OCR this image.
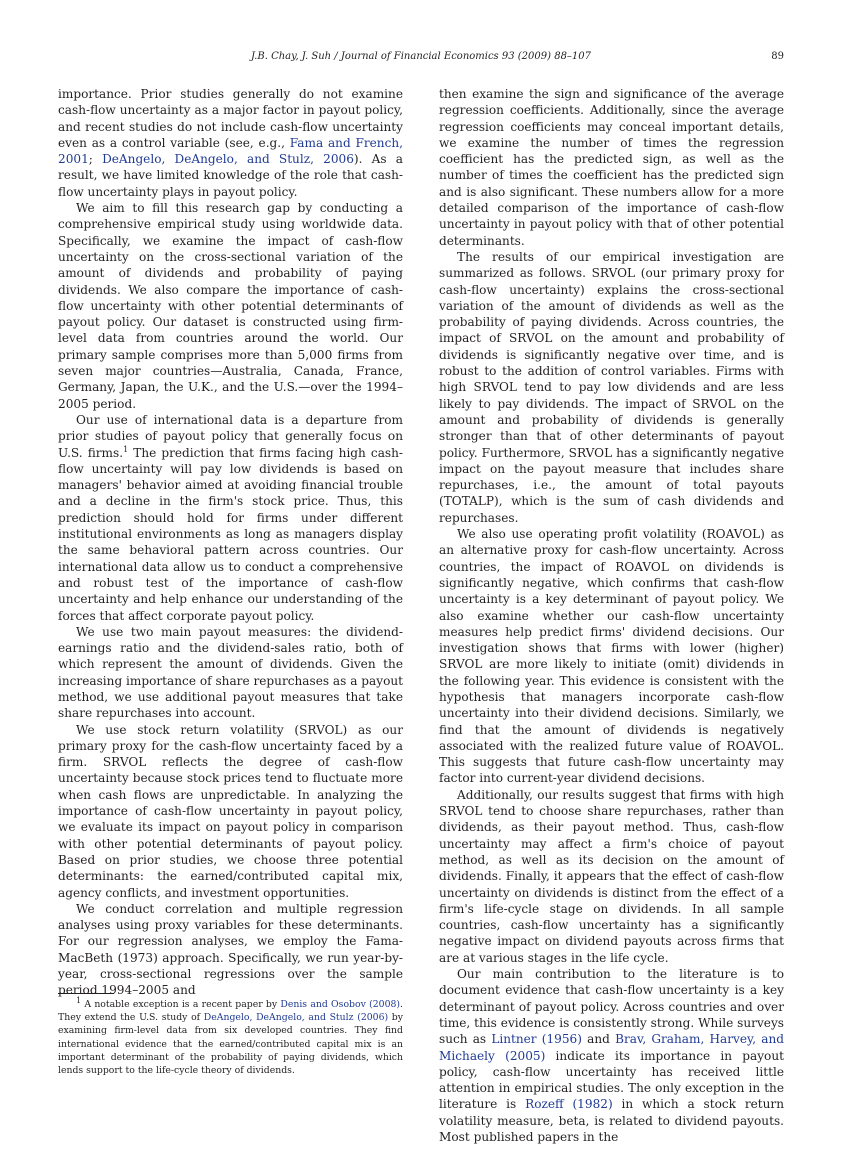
J.B. Chay, J. Suh / Journal of Financial Economics 93 (2009) 88–107	89

importance. Prior studies generally do not examine cash-flow uncertainty as a major factor in payout policy, and recent studies do not include cash-flow uncertainty even as a control variable (see, e.g., Fama and French, 2001; DeAngelo, DeAngelo, and Stulz, 2006). As a result, we have limited knowledge of the role that cash-flow uncertainty plays in payout policy.

We aim to fill this research gap by conducting a comprehensive empirical study using worldwide data. Specifically, we examine the impact of cash-flow uncertainty on the cross-sectional variation of the amount of dividends and probability of paying dividends. We also compare the importance of cash-flow uncertainty with other potential determinants of payout policy. Our dataset is constructed using firm-level data from countries around the world. Our primary sample comprises more than 5,000 firms from seven major countries—Australia, Canada, France, Germany, Japan, the U.K., and the U.S.—over the 1994–2005 period.

Our use of international data is a departure from prior studies of payout policy that generally focus on U.S. firms.$^1$ The prediction that firms facing high cash-flow uncertainty will pay low dividends is based on managers' behavior aimed at avoiding financial trouble and a decline in the firm's stock price. Thus, this prediction should hold for firms under different institutional environments as long as managers display the same behavioral pattern across countries. Our international data allow us to conduct a comprehensive and robust test of the importance of cash-flow uncertainty and help enhance our understanding of the forces that affect corporate payout policy.

We use two main payout measures: the dividend-earnings ratio and the dividend-sales ratio, both of which represent the amount of dividends. Given the increasing importance of share repurchases as a payout method, we use additional payout measures that take share repurchases into account.

We use stock return volatility (SRVOL) as our primary proxy for the cash-flow uncertainty faced by a firm. SRVOL reflects the degree of cash-flow uncertainty because stock prices tend to fluctuate more when cash flows are unpredictable. In analyzing the importance of cash-flow uncertainty in payout policy, we evaluate its impact on payout policy in comparison with other potential determinants of payout policy. Based on prior studies, we choose three potential determinants: the earned/contributed capital mix, agency conflicts, and investment opportunities.

We conduct correlation and multiple regression analyses using proxy variables for these determinants. For our regression analyses, we employ the Fama-MacBeth (1973) approach. Specifically, we run year-by-year, cross-sectional regressions over the sample period 1994–2005 and

$^1$ A notable exception is a recent paper by Denis and Osobov (2008). They extend the U.S. study of DeAngelo, DeAngelo, and Stulz (2006) by examining firm-level data from six developed countries. They find international evidence that the earned/contributed capital mix is an important determinant of the probability of paying dividends, which lends support to the life-cycle theory of dividends.

then examine the sign and significance of the average regression coefficients. Additionally, since the average regression coefficients may conceal important details, we examine the number of times the regression coefficient has the predicted sign, as well as the number of times the coefficient has the predicted sign and is also significant. These numbers allow for a more detailed comparison of the importance of cash-flow uncertainty in payout policy with that of other potential determinants.

The results of our empirical investigation are summarized as follows. SRVOL (our primary proxy for cash-flow uncertainty) explains the cross-sectional variation of the amount of dividends as well as the probability of paying dividends. Across countries, the impact of SRVOL on the amount and probability of dividends is significantly negative over time, and is robust to the addition of control variables. Firms with high SRVOL tend to pay low dividends and are less likely to pay dividends. The impact of SRVOL on the amount and probability of dividends is generally stronger than that of other determinants of payout policy. Furthermore, SRVOL has a significantly negative impact on the payout measure that includes share repurchases, i.e., the amount of total payouts (TOTALP), which is the sum of cash dividends and repurchases.

We also use operating profit volatility (ROAVOL) as an alternative proxy for cash-flow uncertainty. Across countries, the impact of ROAVOL on dividends is significantly negative, which confirms that cash-flow uncertainty is a key determinant of payout policy. We also examine whether our cash-flow uncertainty measures help predict firms' dividend decisions. Our investigation shows that firms with lower (higher) SRVOL are more likely to initiate (omit) dividends in the following year. This evidence is consistent with the hypothesis that managers incorporate cash-flow uncertainty into their dividend decisions. Similarly, we find that the amount of dividends is negatively associated with the realized future value of ROAVOL. This suggests that future cash-flow uncertainty may factor into current-year dividend decisions.

Additionally, our results suggest that firms with high SRVOL tend to choose share repurchases, rather than dividends, as their payout method. Thus, cash-flow uncertainty may affect a firm's choice of payout method, as well as its decision on the amount of dividends. Finally, it appears that the effect of cash-flow uncertainty on dividends is distinct from the effect of a firm's life-cycle stage on dividends. In all sample countries, cash-flow uncertainty has a significantly negative impact on dividend payouts across firms that are at various stages in the life cycle.

Our main contribution to the literature is to document evidence that cash-flow uncertainty is a key determinant of payout policy. Across countries and over time, this evidence is consistently strong. While surveys such as Lintner (1956) and Brav, Graham, Harvey, and Michaely (2005) indicate its importance in payout policy, cash-flow uncertainty has received little attention in empirical studies. The only exception in the literature is Rozeff (1982) in which a stock return volatility measure, beta, is related to dividend payouts. Most published papers in the
